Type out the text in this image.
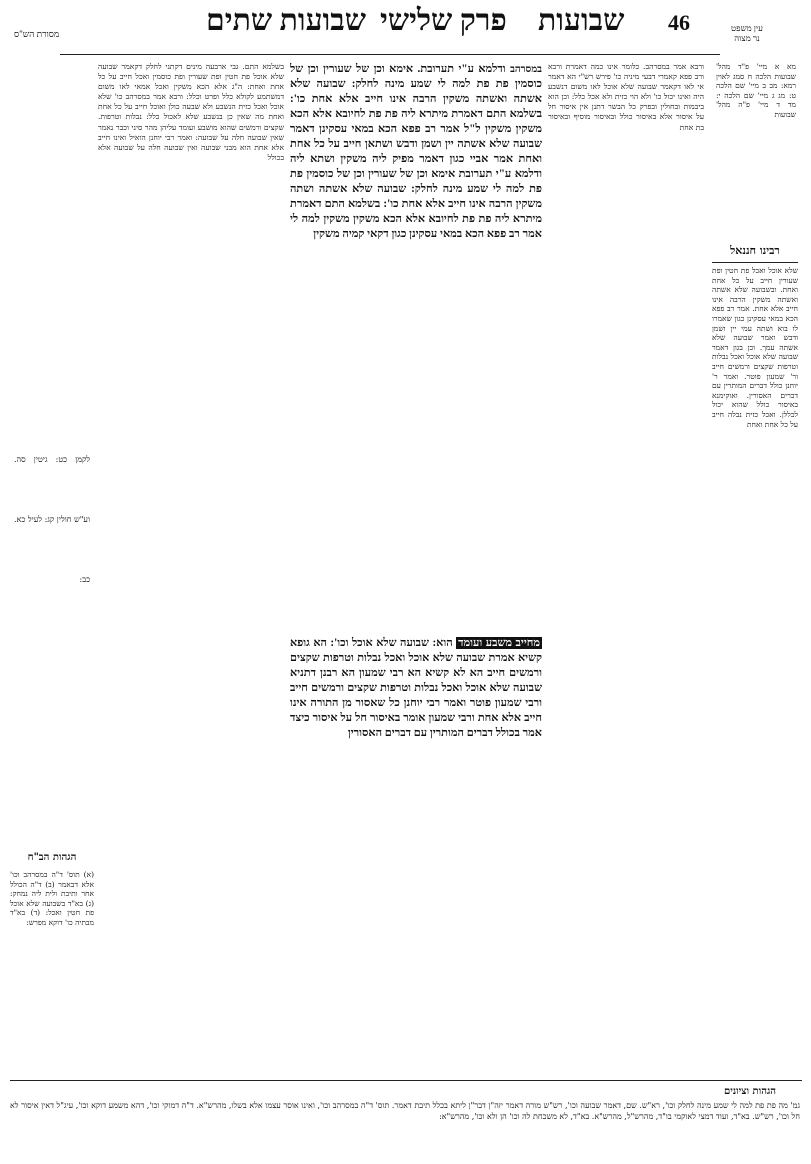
46
שבועות
פרק שלישי
שבועות שתים
מסורת הש"ס
עין משפט
נר מצוה
מא א מיי' פ"ד מהל' שבועות הלכה ח סמג לאוין רמא: מב ב מיי' שם הלכה ט: מג ג מיי' שם הלכה י: מד ד מיי' פ"ה מהל' שבועות
רבינו חננאל
שלא אוכל ואכל פת חטין ופת שעורין חייב על כל אחת ואחת. ובשבועה שלא אשתה ואשתה משקין הרבה אינו חייב אלא אחת. אמר רב פפא הכא במאי עסקינן כגון שאמרו לו בוא ושתה עמי יין ושמן ודבש ואמר שבועה שלא אשתה עמך. וכן בגון דאמר שבועה שלא אוכל ואכל נבלות וטרפות שקצים ורמשים חייב ור' שמעון פוטר. ואמר ר' יוחנן כולל דברים המותרין עם דברים האסורין. ואוקימנא באיסור כולל שהוא יכול לכללן. ואכל כזית נבלה חייב על כל אחת ואחת
ורבא אמר במסרהב. כלומר אינו כמה דאמרת ורבא ורב פפא קאמרי דבעי מיניה כו' פירש רש"י הא דאמר אי לאו דקאמר שבועה שלא אוכל לאו משום דנשבע היה ואינו יכול כו' ולא הוי כזית ולא אכל כלל: וכן הוא ביבמות ובחולין ובפרק כל הבשר דתנן אין איסור חל על איסור אלא באיסור כולל ובאיסור מוסיף ובאיסור בת אחת
במסרהב ודלמא ע"י תערובת. אימא וכן של שעורין וכן של כוסמין פת פת למה לי שמע מינה לחלק: שבועה שלא אשתה ואשתה משקין הרבה אינו חייב אלא אחת כו': בשלמא התם דאמרת מיתרא ליה פת פת לחיובא אלא הכא משקין משקין ל"ל אמר רב פפא הכא במאי עסקינן דאמר שבועה שלא אשתה יין ושמן ודבש ושתאן חייב על כל אחת ואחת אמר אביי כגון דאמר מפיק ליה משקין ושתא ליה ודלמא ע"י תערובת אימא וכן של שעורין וכן של כוסמין פת פת למה לי שמע מינה לחלק: שבועה שלא אשתה ושתה משקין הרבה אינו חייב אלא אחת כו': בשלמא התם דאמרת מיתרא ליה פת פת לחיובא אלא הכא משקין משקין למה לי אמר רב פפא הכא במאי עסקינן כגון דקאי קמיה משקין
מחייב משבע ועומד הוא: שבועה שלא אוכל וכו': הא גופא קשיא אמרת שבועה שלא אוכל ואכל נבלות וטרפות שקצים ורמשים חייב הא לא קשיא הא רבי שמעון הא רבנן דתניא שבועה שלא אוכל ואכל נבלות וטרפות שקצים ורמשים חייב ורבי שמעון פוטר ואמר רבי יוחנן כל שאסור מן התורה אינו חייב אלא אחת ורבי שמעון אומר באיסור חל על איסור כיצד אמר בכולל דברים המותרין עם דברים האסורין
בשלמא התם. גבי ארבעה מינים דקתני לחלק דקאמר שבועה שלא אוכל פת חטין ופת שעורין ופת כוסמין ואכל חייב על כל אחת ואחת: ה"ג אלא הכא משקין ואכל אמאי לאו משום דמשתמע לקולא כלל ופרט וכלל: ורבא אמר במסרהב כו' שלא אוכל ואכל כזית הנשבע ולא שבעה כולן ואוכל חייב על כל אחת ואחת מה שאין כן בנשבע שלא לאכול כלל: נבלות וטרפות. שקצים ורמשים שהוא מושבע ועומד עליהן מהר סיני וכבר נאמר שאין שבועה חלה על שבועה: ואמר רבי יוחנן הואיל ואינו חייב אלא אחת הוא מבני שבועה ואין שבועה חלה על שבועה אלא בכולל
לקמן כט: גיטין סה. וע"ש חולין קג: לעיל כא. כב:
הגהות הב"ח
(א) תוס' ד"ה במסרהב וכו' אלא דבאמר (ב) ד"ה הכולל אחר ותיבת ולית ליה נמחק: (ג) בא"ד בשבועה שלא אוכל פת חטין ואכל: (ד) בא"ד מבתיה כו' דוקא מפרש:
הגהות וציונים
גמ' מה פת פת למה לי שמע מינה לחלק וכו', רא"ש. שם, דאמר שבועה וכו', רש"ש מורה דאמר יזה"ן דבר"ן ליתא בכלל תיבת דאמר. תוס' ד"ה במסרהב וכו', ואינו אוסר עצמו אלא בשלו, מהרש"א. ד"ה דמוקי וכו', דהא משמע דוקא וכו', עיג"ל דאין איסור לא חל וכו', רש"ש. בא"ד, ועוד דמצי לאוקמי בו"ד, מהרש"ל, מהרש"א. בא"ד, לא משכחת לה וכו' הן ולא וכו', מהרש"א:
